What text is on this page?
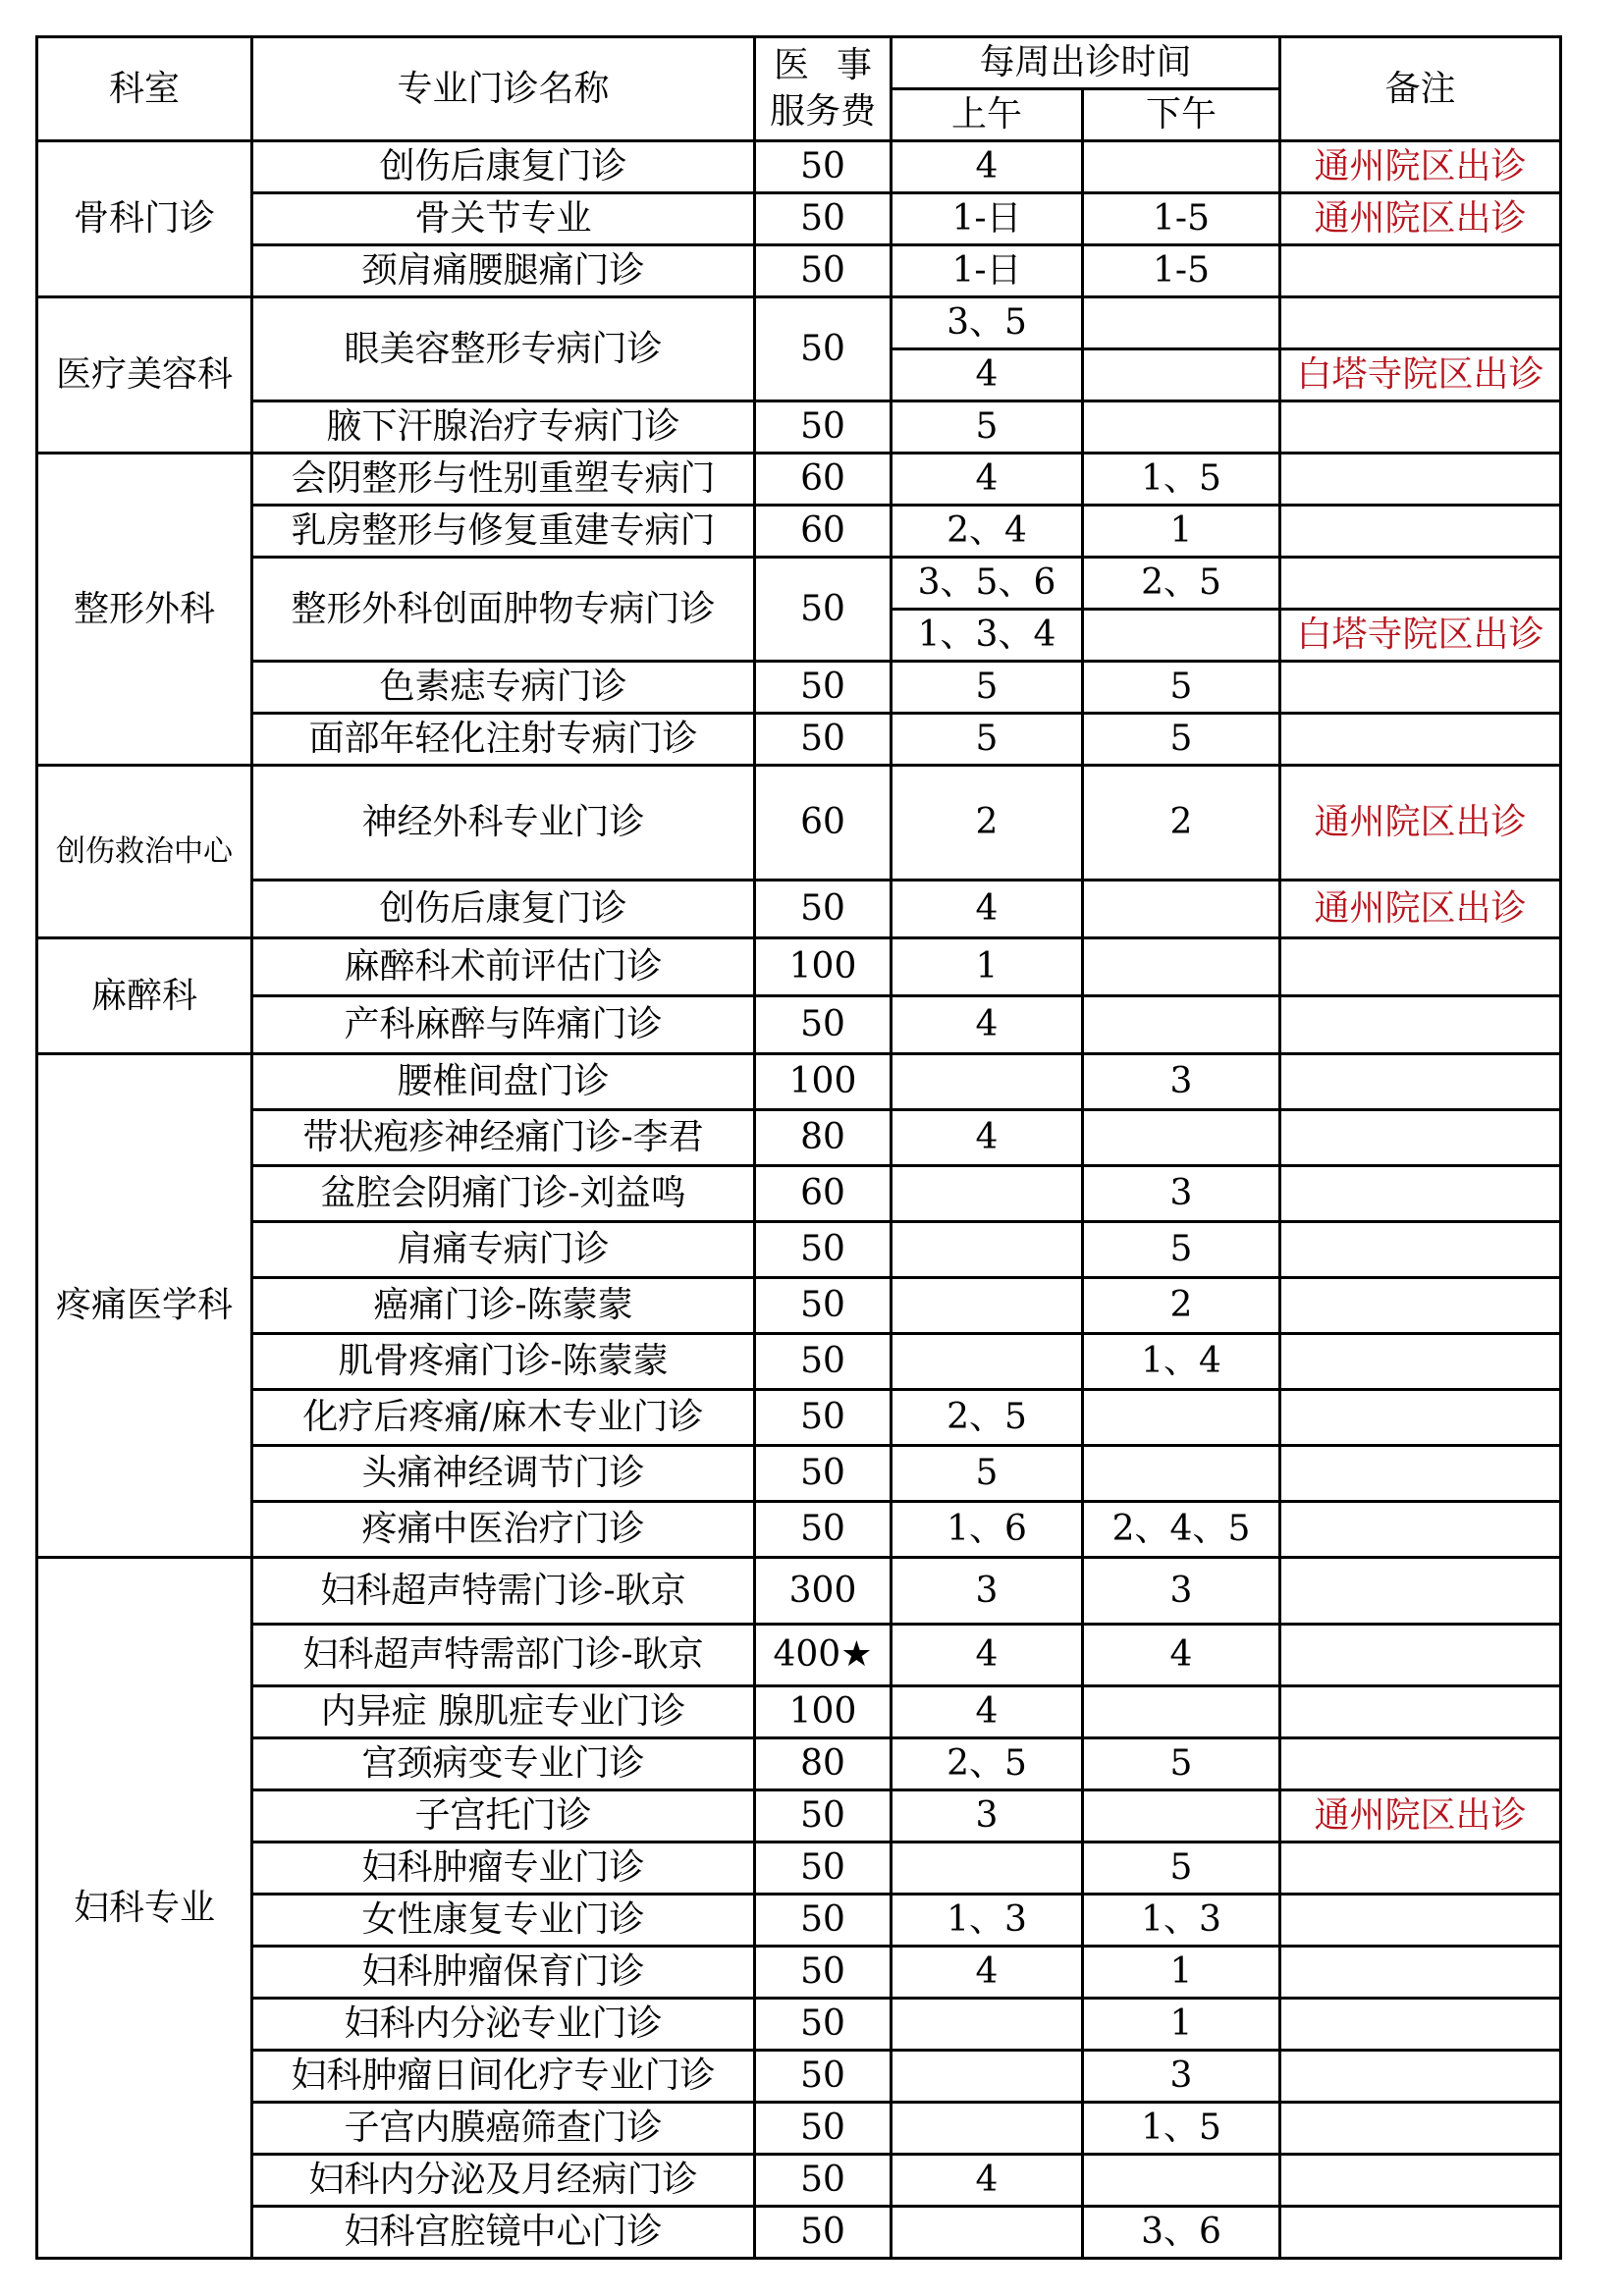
科室	专业门诊名称	医 事
服务费	每周出诊时间		备注
			上午	下午	
骨科门诊	创伤后康复门诊	50	4		通州院区出诊
	骨关节专业	50	1-日	1-5	通州院区出诊
	颈肩痛腰腿痛门诊	50	1-日	1-5	
医疗美容科	眼美容整形专病门诊	50	3、5		
			4		白塔寺院区出诊
	腋下汗腺治疗专病门诊	50	5		
整形外科	会阴整形与性别重塑专病门	60	4	1、5	
	乳房整形与修复重建专病门	60	2、4	1	
	整形外科创面肿物专病门诊	50	3、5、6	2、5	
			1、3、4		白塔寺院区出诊
	色素痣专病门诊	50	5	5	
	面部年轻化注射专病门诊	50	5	5	
创伤救治中心	神经外科专业门诊	60	2	2	通州院区出诊
	创伤后康复门诊	50	4		通州院区出诊
麻醉科	麻醉科术前评估门诊	100	1		
	产科麻醉与阵痛门诊	50	4		
疼痛医学科	腰椎间盘门诊	100		3	
	带状疱疹神经痛门诊-李君	80	4		
	盆腔会阴痛门诊-刘益鸣	60		3	
	肩痛专病门诊	50		5	
	癌痛门诊-陈蒙蒙	50		2	
	肌骨疼痛门诊-陈蒙蒙	50		1、4	
	化疗后疼痛/麻木专业门诊	50	2、5		
	头痛神经调节门诊	50	5		
	疼痛中医治疗门诊	50	1、6	2、4、5	
妇科专业	妇科超声特需门诊-耿京	300	3	3	
	妇科超声特需部门诊-耿京	400★	4	4	
	内异症 腺肌症专业门诊	100	4		
	宫颈病变专业门诊	80	2、5	5	
	子宫托门诊	50	3		通州院区出诊
	妇科肿瘤专业门诊	50		5	
	女性康复专业门诊	50	1、3	1、3	
	妇科肿瘤保育门诊	50	4	1	
	妇科内分泌专业门诊	50		1	
	妇科肿瘤日间化疗专业门诊	50		3	
	子宫内膜癌筛查门诊	50		1、5	
	妇科内分泌及月经病门诊	50	4		
	妇科宫腔镜中心门诊	50		3、6	
